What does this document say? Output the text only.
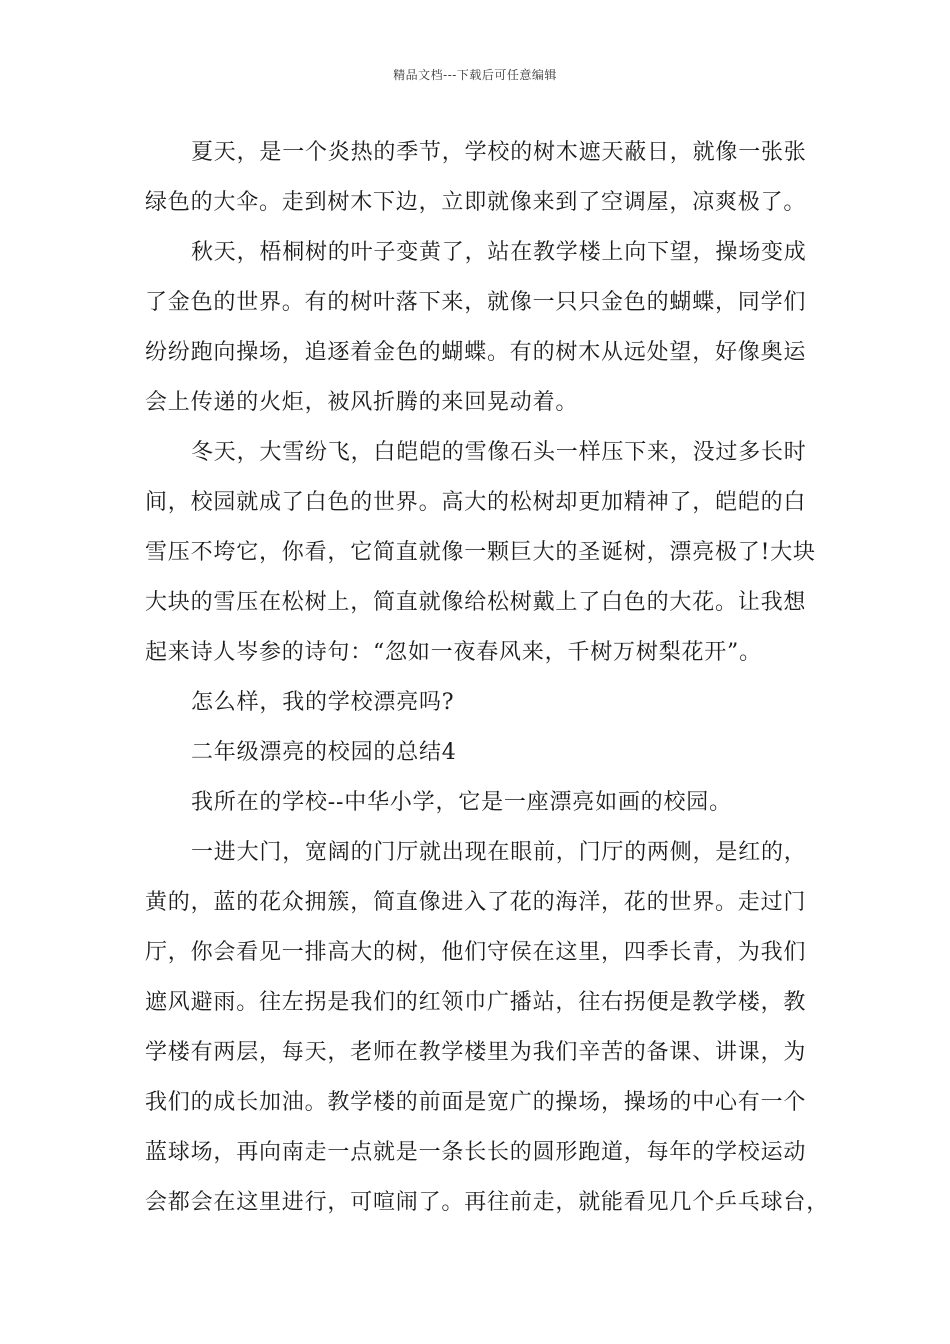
精品文档---下载后可任意编辑
夏天，是一个炎热的季节，学校的树木遮天蔽日，就像一张张
绿色的大伞。走到树木下边，立即就像来到了空调屋，凉爽极了。
秋天，梧桐树的叶子变黄了，站在教学楼上向下望，操场变成
了金色的世界。有的树叶落下来，就像一只只金色的蝴蝶，同学们
纷纷跑向操场，追逐着金色的蝴蝶。有的树木从远处望，好像奥运
会上传递的火炬，被风折腾的来回晃动着。
冬天，大雪纷飞，白皑皑的雪像石头一样压下来，没过多长时
间，校园就成了白色的世界。高大的松树却更加精神了，皑皑的白
雪压不垮它，你看，它简直就像一颗巨大的圣诞树，漂亮极了!大块
大块的雪压在松树上，简直就像给松树戴上了白色的大花。让我想
起来诗人岑参的诗句：“忽如一夜春风来，千树万树梨花开”。
怎么样，我的学校漂亮吗?
二年级漂亮的校园的总结4
我所在的学校--中华小学，它是一座漂亮如画的校园。
一进大门，宽阔的门厅就出现在眼前，门厅的两侧，是红的，
黄的，蓝的花众拥簇，简直像进入了花的海洋，花的世界。走过门
厅，你会看见一排高大的树，他们守侯在这里，四季长青，为我们
遮风避雨。往左拐是我们的红领巾广播站，往右拐便是教学楼，教
学楼有两层，每天，老师在教学楼里为我们辛苦的备课、讲课，为
我们的成长加油。教学楼的前面是宽广的操场，操场的中心有一个
蓝球场，再向南走一点就是一条长长的圆形跑道，每年的学校运动
会都会在这里进行，可喧闹了。再往前走，就能看见几个乒乓球台，
